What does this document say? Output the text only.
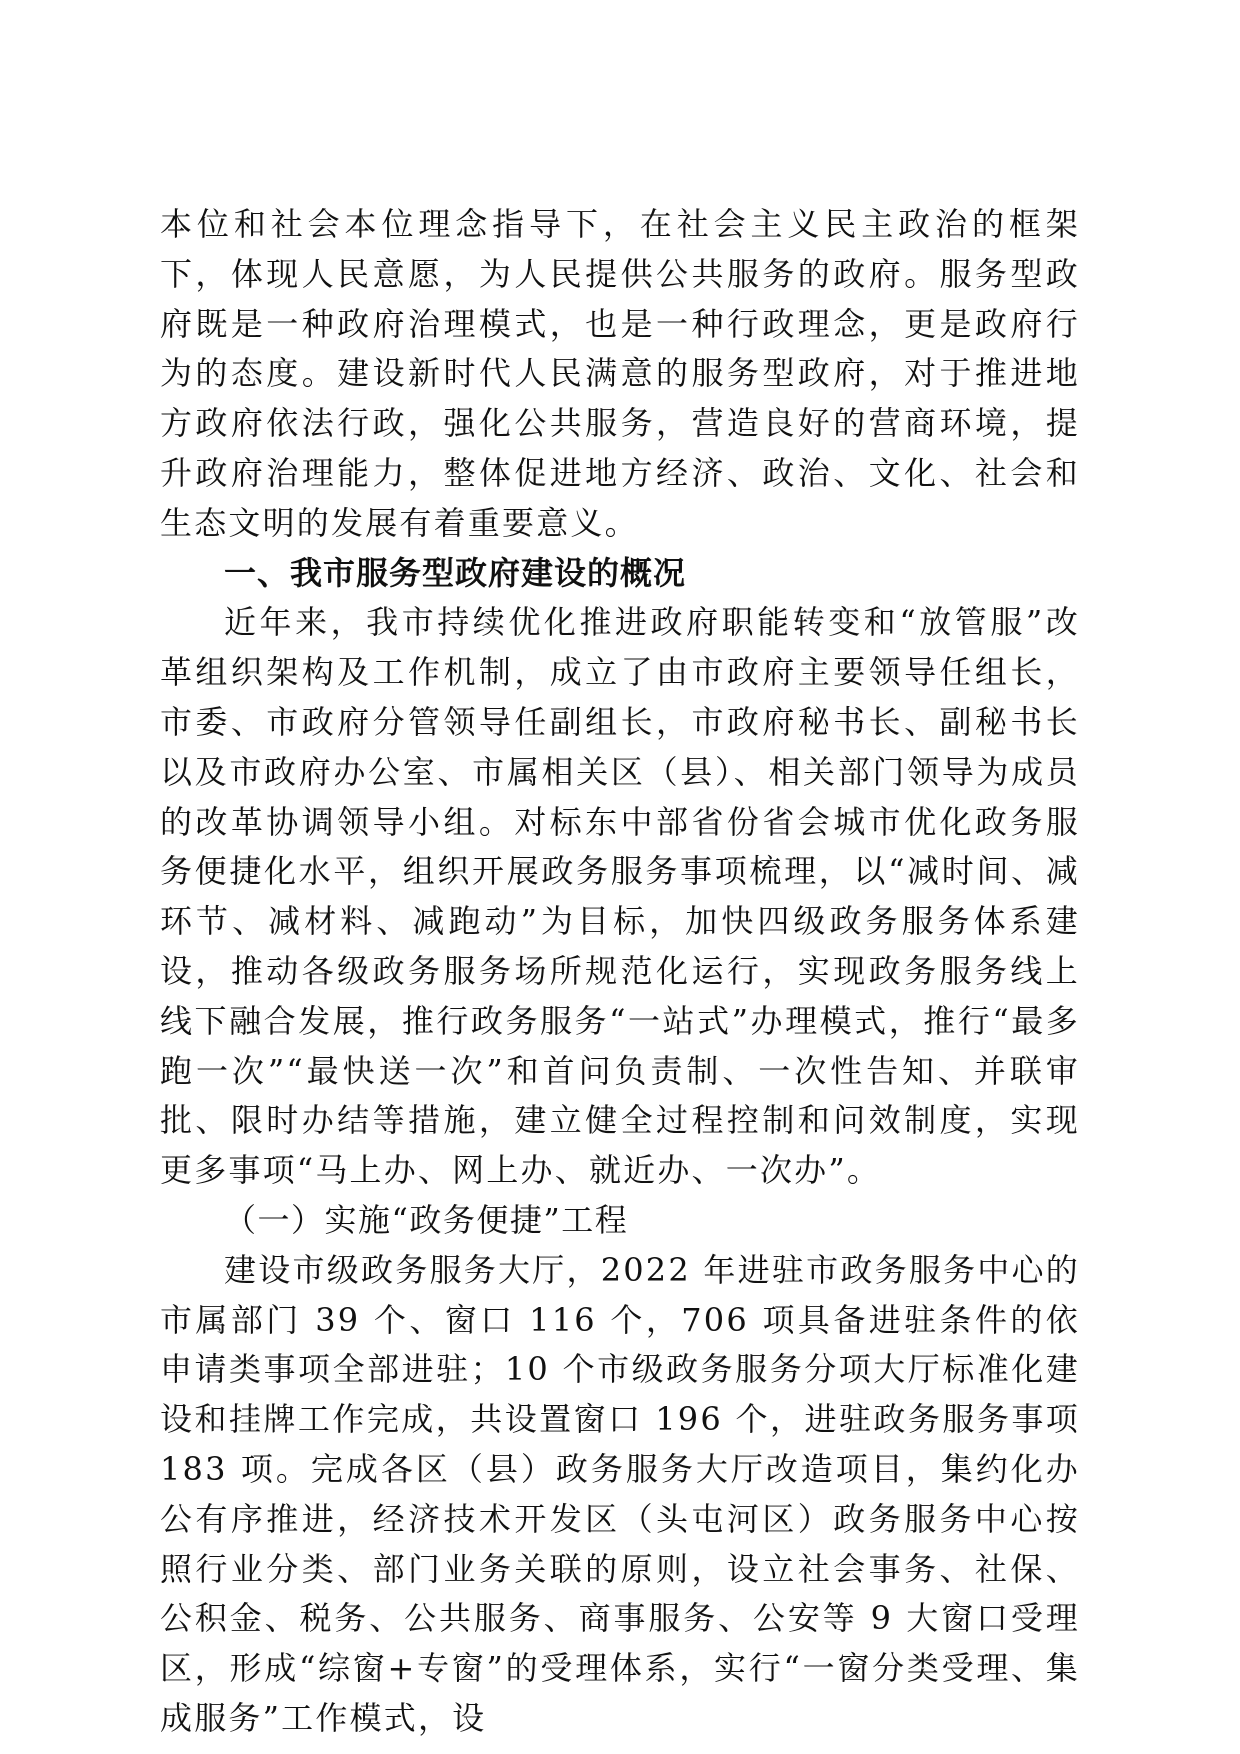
本位和社会本位理念指导下，在社会主义民主政治的框架下，体现人民意愿，为人民提供公共服务的政府。服务型政府既是一种政府治理模式，也是一种行政理念，更是政府行为的态度。建设新时代人民满意的服务型政府，对于推进地方政府依法行政，强化公共服务，营造良好的营商环境，提升政府治理能力，整体促进地方经济、政治、文化、社会和生态文明的发展有着重要意义。

一、我市服务型政府建设的概况

近年来，我市持续优化推进政府职能转变和“放管服”改革组织架构及工作机制，成立了由市政府主要领导任组长，市委、市政府分管领导任副组长，市政府秘书长、副秘书长以及市政府办公室、市属相关区（县）、相关部门领导为成员的改革协调领导小组。对标东中部省份省会城市优化政务服务便捷化水平，组织开展政务服务事项梳理，以“减时间、减环节、减材料、减跑动”为目标，加快四级政务服务体系建设，推动各级政务服务场所规范化运行，实现政务服务线上线下融合发展，推行政务服务“一站式”办理模式，推行“最多跑一次”“最快送一次”和首问负责制、一次性告知、并联审批、限时办结等措施，建立健全过程控制和问效制度，实现更多事项“马上办、网上办、就近办、一次办”。

（一）实施“政务便捷”工程

建设市级政务服务大厅，2022 年进驻市政务服务中心的市属部门 39 个、窗口 116 个，706 项具备进驻条件的依申请类事项全部进驻；10 个市级政务服务分项大厅标准化建设和挂牌工作完成，共设置窗口 196 个，进驻政务服务事项 183 项。完成各区（县）政务服务大厅改造项目，集约化办公有序推进，经济技术开发区（头屯河区）政务服务中心按照行业分类、部门业务关联的原则，设立社会事务、社保、公积金、税务、公共服务、商事服务、公安等 9 大窗口受理区，形成“综窗+专窗”的受理体系，实行“一窗分类受理、集成服务”工作模式，设
